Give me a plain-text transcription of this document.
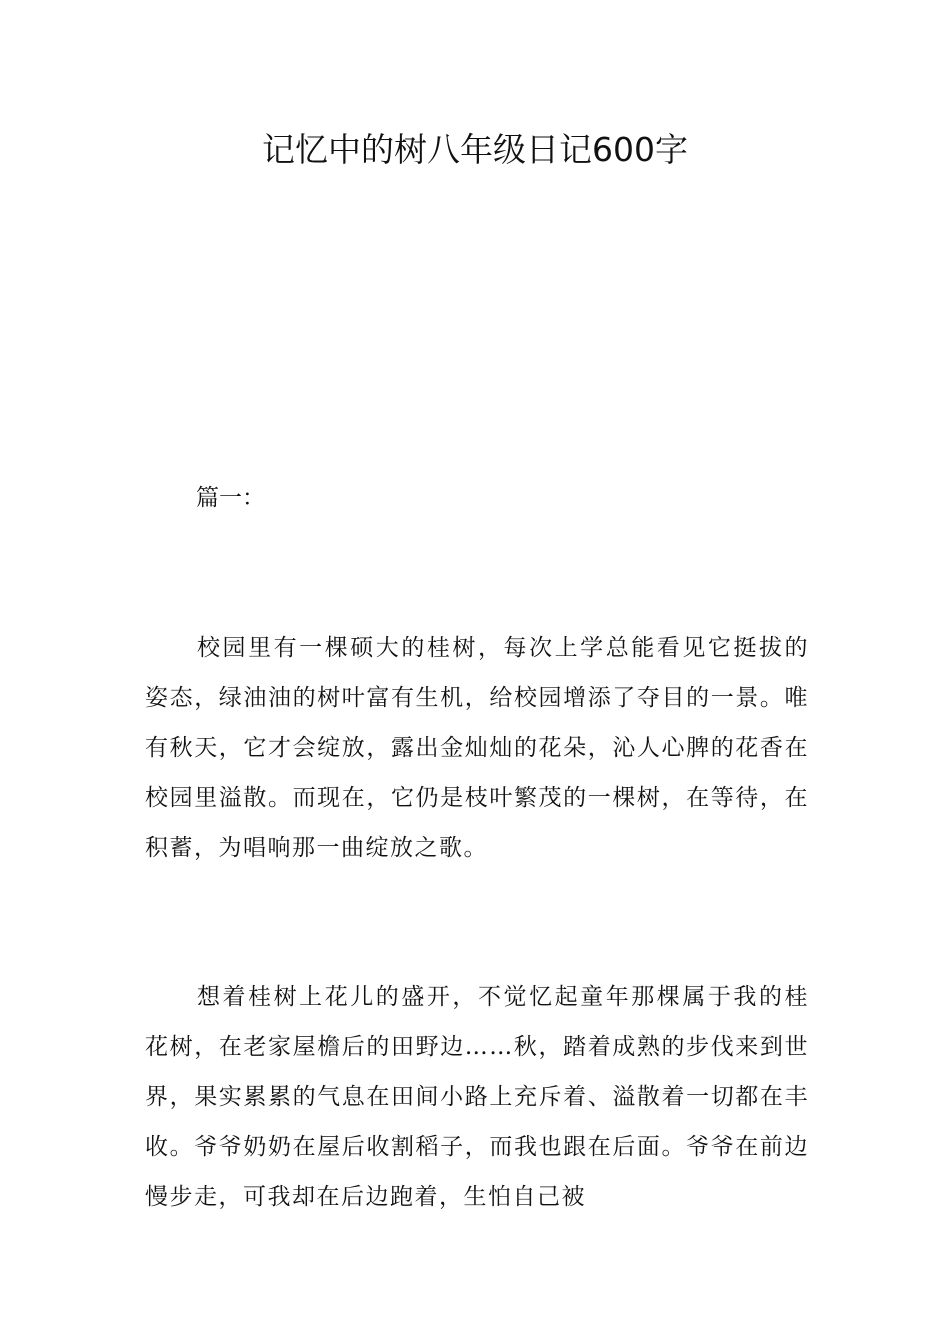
记忆中的树八年级日记600字

篇一：

校园里有一棵硕大的桂树，每次上学总能看见它挺拔的姿态，绿油油的树叶富有生机，给校园增添了夺目的一景。唯有秋天，它才会绽放，露出金灿灿的花朵，沁人心脾的花香在校园里溢散。而现在，它仍是枝叶繁茂的一棵树，在等待，在积蓄，为唱响那一曲绽放之歌。

想着桂树上花儿的盛开，不觉忆起童年那棵属于我的桂花树，在老家屋檐后的田野边……秋，踏着成熟的步伐来到世界，果实累累的气息在田间小路上充斥着、溢散着一切都在丰收。爷爷奶奶在屋后收割稻子，而我也跟在后面。爷爷在前边慢步走，可我却在后边跑着，生怕自己被
